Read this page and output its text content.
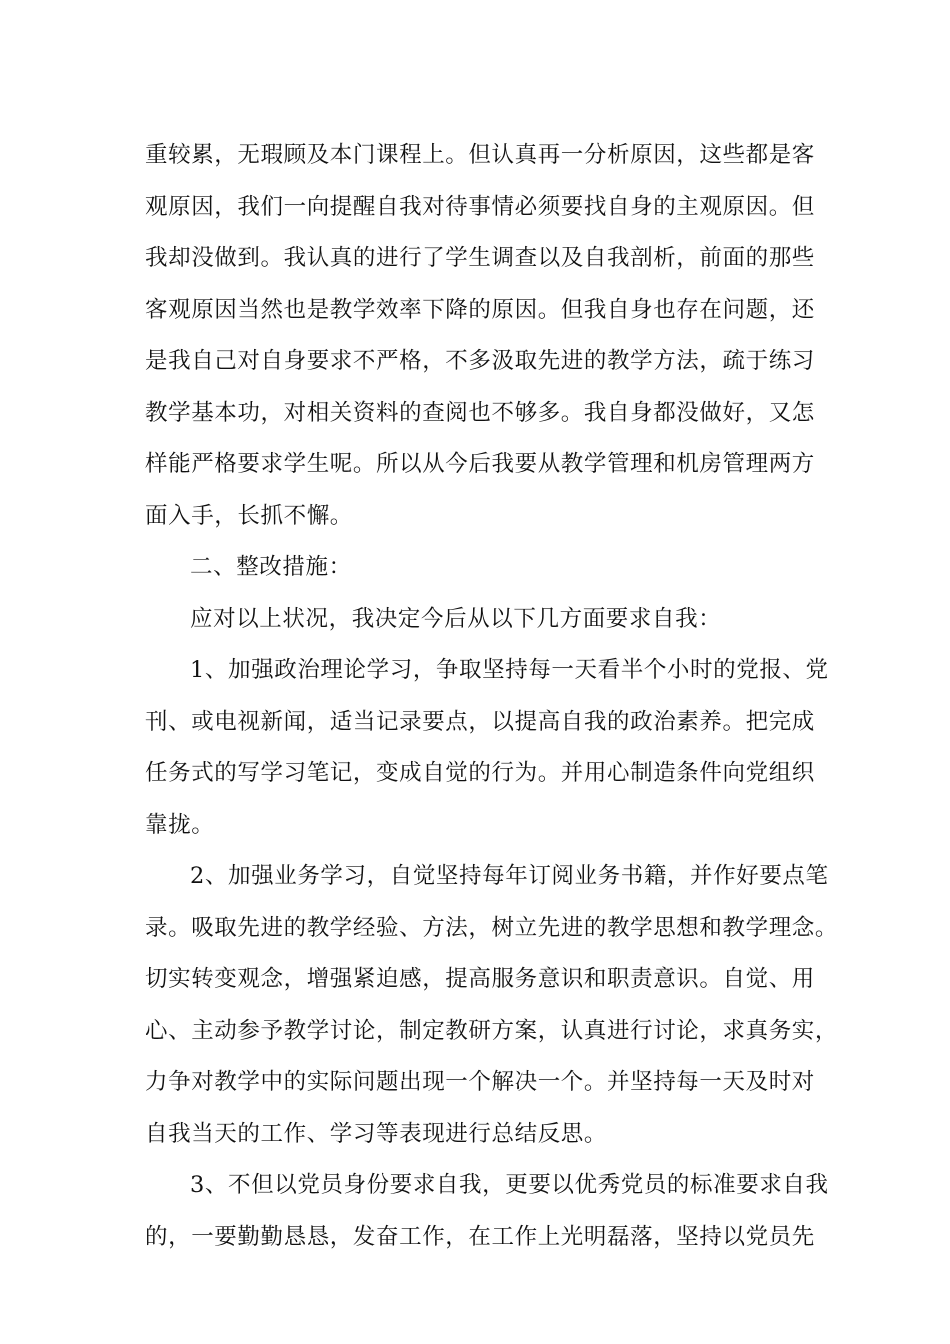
重较累，无瑕顾及本门课程上。但认真再一分析原因，这些都是客
观原因，我们一向提醒自我对待事情必须要找自身的主观原因。但
我却没做到。我认真的进行了学生调查以及自我剖析，前面的那些
客观原因当然也是教学效率下降的原因。但我自身也存在问题，还
是我自己对自身要求不严格，不多汲取先进的教学方法，疏于练习
教学基本功，对相关资料的查阅也不够多。我自身都没做好，又怎
样能严格要求学生呢。所以从今后我要从教学管理和机房管理两方
面入手，长抓不懈。
二、整改措施：
应对以上状况，我决定今后从以下几方面要求自我：
1、加强政治理论学习，争取坚持每一天看半个小时的党报、党
刊、或电视新闻，适当记录要点，以提高自我的政治素养。把完成
任务式的写学习笔记，变成自觉的行为。并用心制造条件向党组织
靠拢。
2、加强业务学习，自觉坚持每年订阅业务书籍，并作好要点笔
录。吸取先进的教学经验、方法，树立先进的教学思想和教学理念。
切实转变观念，增强紧迫感，提高服务意识和职责意识。自觉、用
心、主动参予教学讨论，制定教研方案，认真进行讨论，求真务实，
力争对教学中的实际问题出现一个解决一个。并坚持每一天及时对
自我当天的工作、学习等表现进行总结反思。
3、不但以党员身份要求自我，更要以优秀党员的标准要求自我
的，一要勤勤恳恳，发奋工作，在工作上光明磊落，坚持以党员先
